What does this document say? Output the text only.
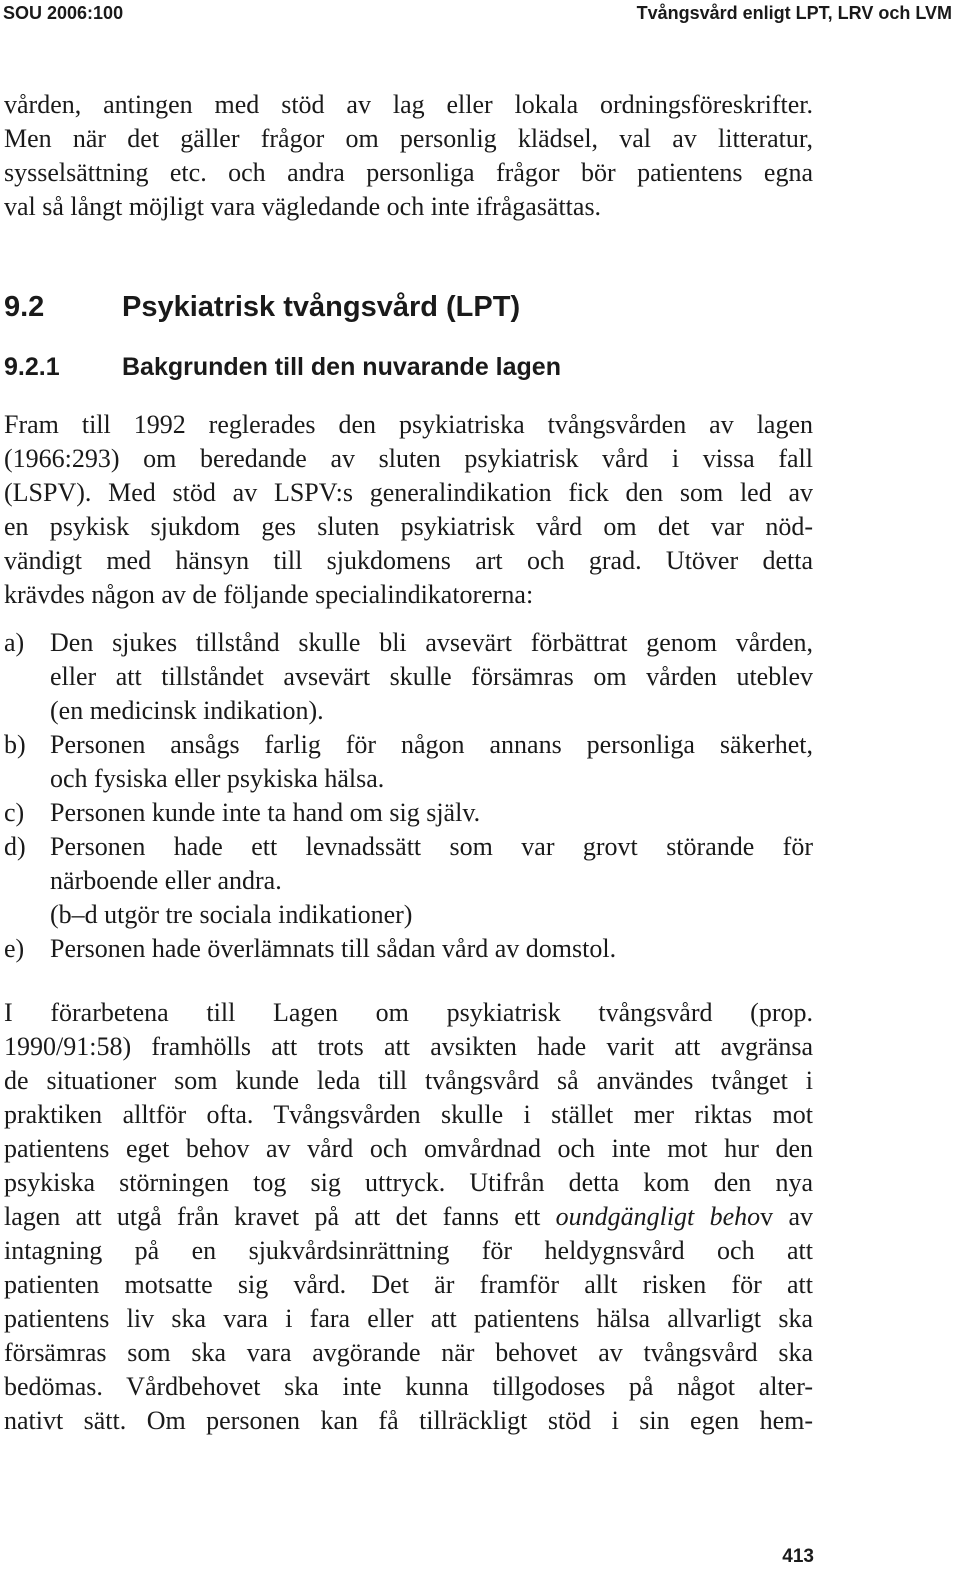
SOU 2006:100	Tvångsvård enligt LPT, LRV och LVM
vården, antingen med stöd av lag eller lokala ordningsföreskrifter.
Men när det gäller frågor om personlig klädsel, val av litteratur,
sysselsättning etc. och andra personliga frågor bör patientens egna
val så långt möjligt vara vägledande och inte ifrågasättas.
9.2	Psykiatrisk tvångsvård (LPT)
9.2.1 Bakgrunden till den nuvarande lagen
Fram till 1992 reglerades den psykiatriska tvångsvården av lagen
(1966:293) om beredande av sluten psykiatrisk vård i vissa fall
(LSPV). Med stöd av LSPV:s generalindikation fick den som led av
en psykisk sjukdom ges sluten psykiatrisk vård om det var nöd-
vändigt med hänsyn till sjukdomens art och grad. Utöver detta
krävdes någon av de följande specialindikatorerna:
a) Den sjukes tillstånd skulle bli avsevärt förbättrat genom vården,
eller att tillståndet avsevärt skulle försämras om vården uteblev
(en medicinsk indikation).
b) Personen ansågs farlig för någon annans personliga säkerhet,
och fysiska eller psykiska hälsa.
c) Personen kunde inte ta hand om sig själv.
d) Personen hade ett levnadssätt som var grovt störande för
närboende eller andra.
(b–d utgör tre sociala indikationer)
e) Personen hade överlämnats till sådan vård av domstol.
I förarbetena till Lagen om psykiatrisk tvångsvård (prop.
1990/91:58) framhölls att trots att avsikten hade varit att avgränsa
de situationer som kunde leda till tvångsvård så användes tvånget i
praktiken alltför ofta. Tvångsvården skulle i stället mer riktas mot
patientens eget behov av vård och omvårdnad och inte mot hur den
psykiska störningen tog sig uttryck. Utifrån detta kom den nya
lagen att utgå från kravet på att det fanns ett oundgängligt behov av
intagning på en sjukvårdsinrättning för heldygnsvård och att
patienten motsatte sig vård. Det är framför allt risken för att
patientens liv ska vara i fara eller att patientens hälsa allvarligt ska
försämras som ska vara avgörande när behovet av tvångsvård ska
bedömas. Vårdbehovet ska inte kunna tillgodoses på något alter-
nativt sätt. Om personen kan få tillräckligt stöd i sin egen hem-
413
